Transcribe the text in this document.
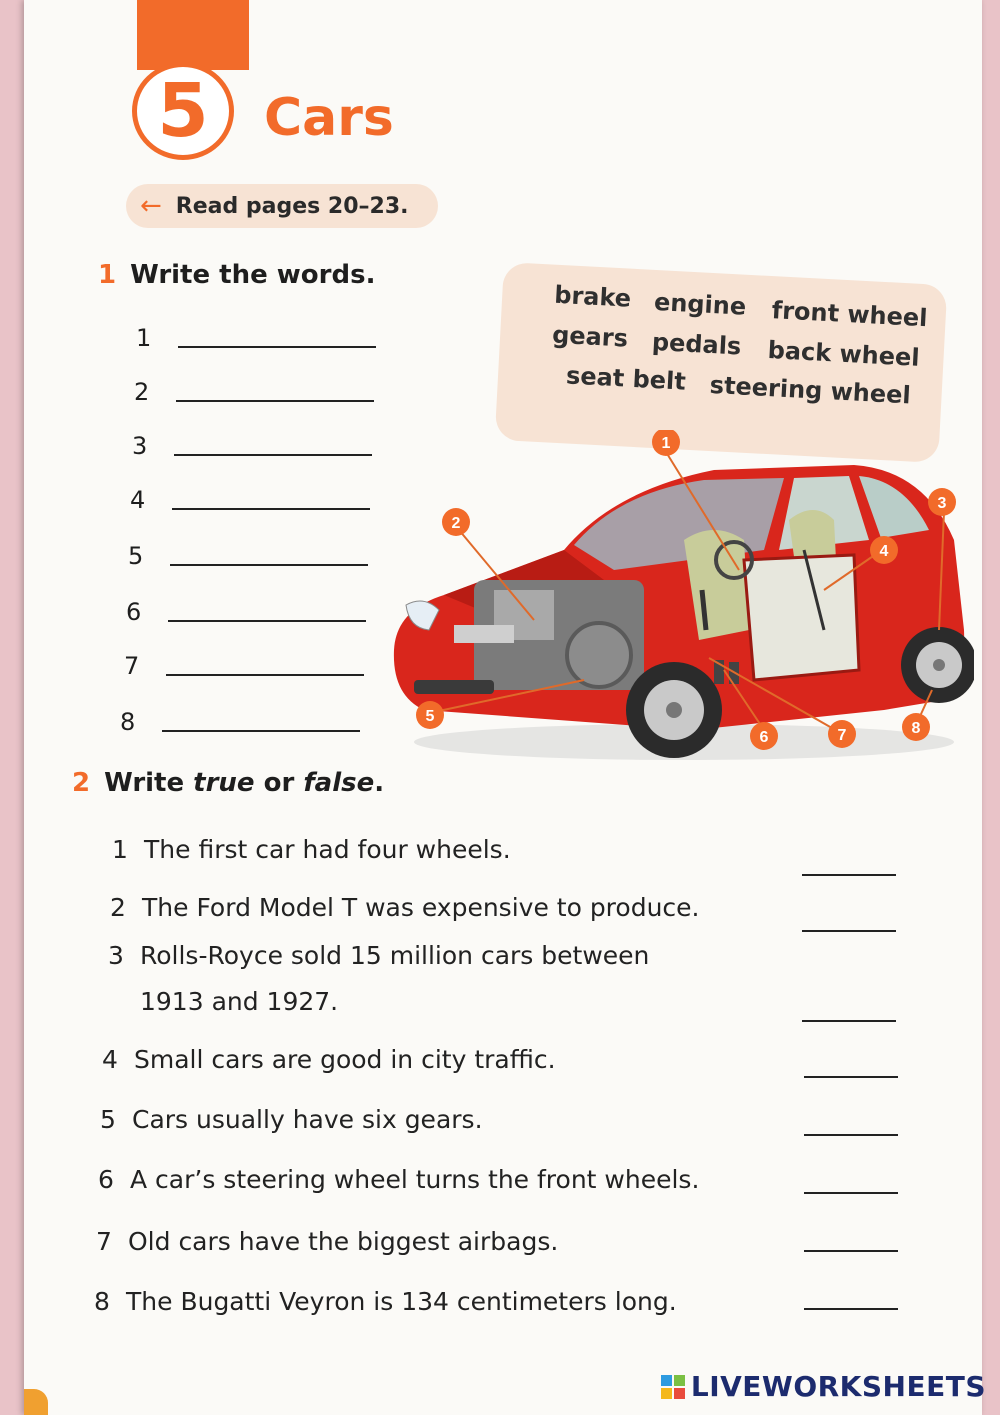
5	Cars
← Read pages 20–23.
1 Write the words.
brake engine front wheel
gears pedals back wheel
seat belt steering wheel
1
2
3
4
5
6
7
8
1
2
3
4
5
6	7	8
2 Write true or false.
1 The first car had four wheels.
2 The Ford Model T was expensive to produce.
3 Rolls-Royce sold 15 million cars between
1913 and 1927.
4 Small cars are good in city traffic.
5 Cars usually have six gears.
6 A car’s steering wheel turns the front wheels.
7 Old cars have the biggest airbags.
8 The Bugatti Veyron is 134 centimeters long.
LIVEWORKSHEETS
